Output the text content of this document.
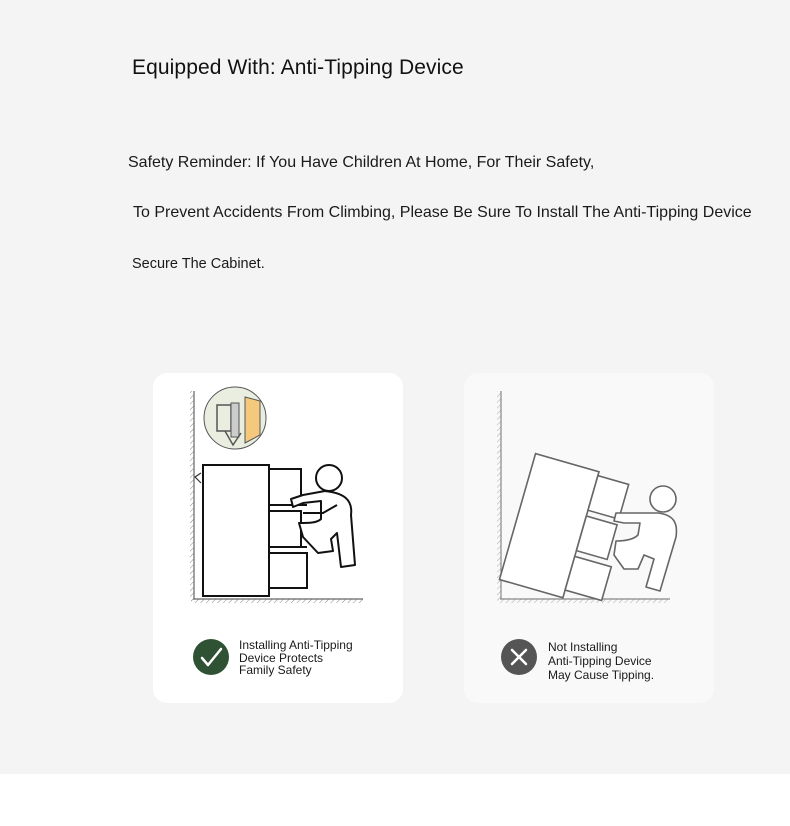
Equipped With: Anti-Tipping Device
Safety Reminder: If You Have Children At Home, For Their Safety,
To Prevent Accidents From Climbing, Please Be Sure To Install The Anti-Tipping Device
Secure The Cabinet.
Installing Anti-Tipping
Device Protects
Family Safety
Not Installing
Anti-Tipping Device
May Cause Tipping.
